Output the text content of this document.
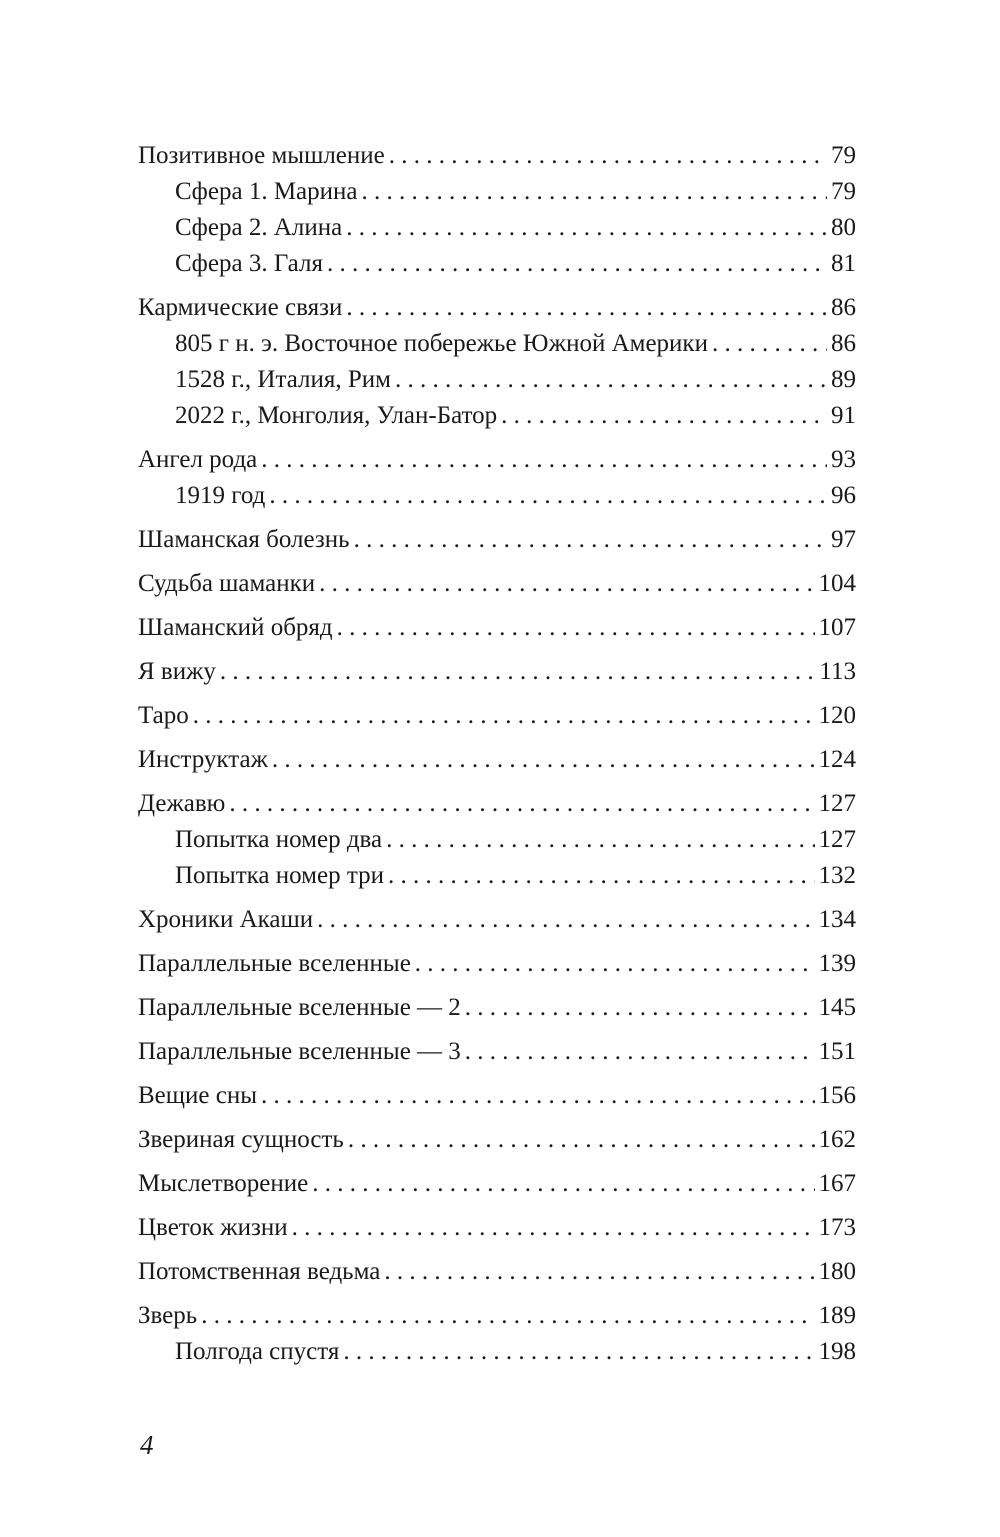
Позитивное мышление . . .	79
Сфера 1. Марина . . .	79
Сфера 2. Алина . . .	80
Сфера 3. Галя . . .	81
Кармические связи . . .	86
805 г н. э. Восточное побережье Южной Америки . . .	86
1528 г., Италия, Рим . . .	89
2022 г., Монголия, Улан-Батор . . .	91
Ангел рода . . .	93
1919 год . . .	96
Шаманская болезнь . . .	97
Судьба шаманки . . .	104
Шаманский обряд . . .	107
Я вижу . . .	113
Таро . . .	120
Инструктаж . . .	124
Дежавю . . .	127
Попытка номер два . . .	127
Попытка номер три . . .	132
Хроники Акаши . . .	134
Параллельные вселенные . . .	139
Параллельные вселенные — 2 . . .	145
Параллельные вселенные — 3 . . .	151
Вещие сны . . .	156
Звериная сущность . . .	162
Мыслетворение . . .	167
Цветок жизни . . .	173
Потомственная ведьма . . .	180
Зверь . . .	189
Полгода спустя . . .	198
4
